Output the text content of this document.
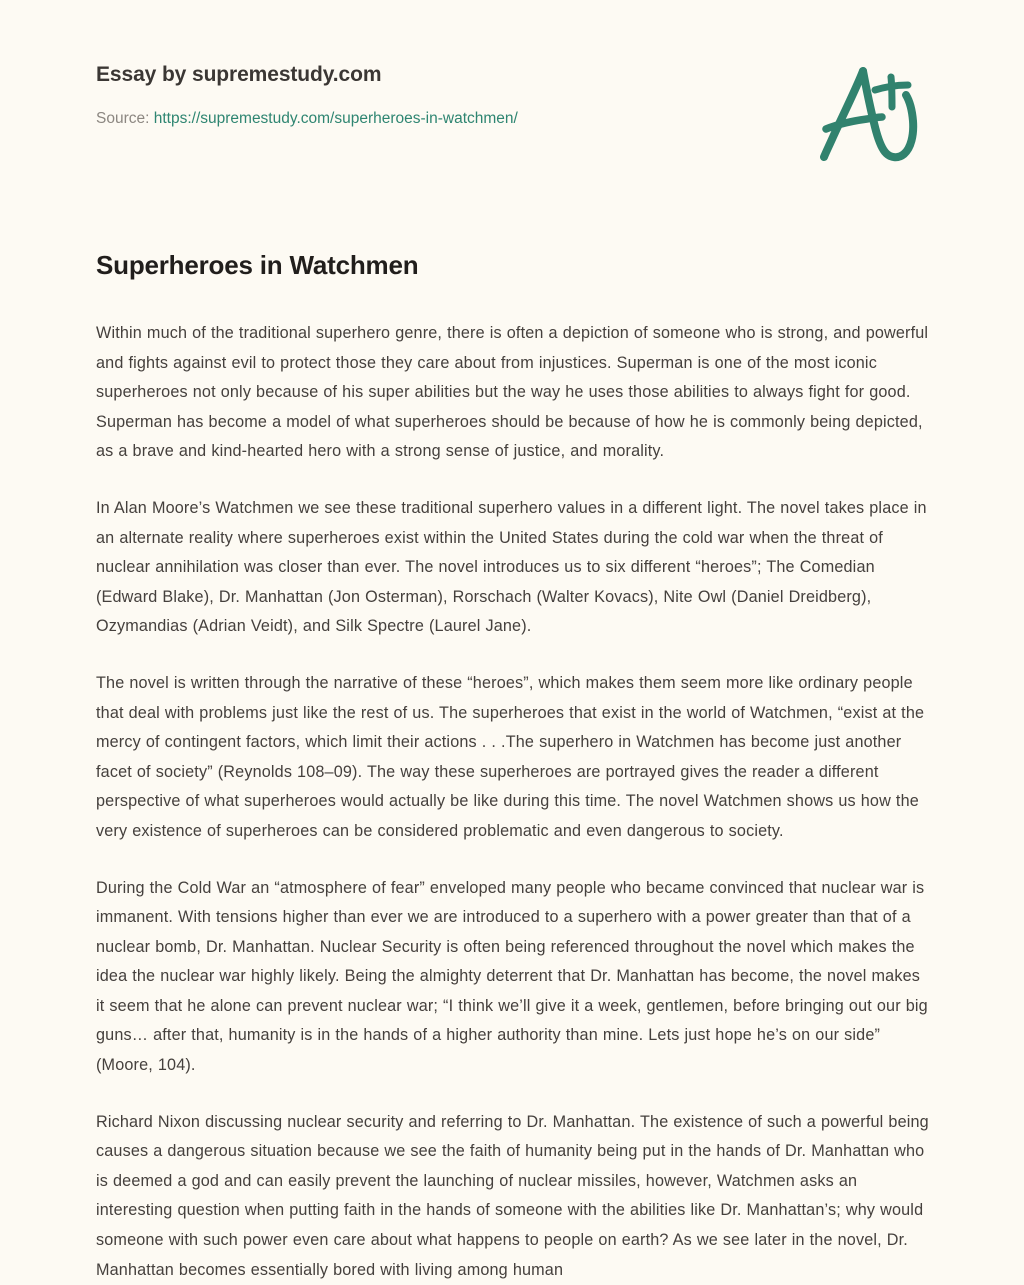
Essay by supremestudy.com
Source: https://supremestudy.com/superheroes-in-watchmen/
Superheroes in Watchmen

Within much of the traditional superhero genre, there is often a depiction of someone who is strong, and powerful and fights against evil to protect those they care about from injustices. Superman is one of the most iconic superheroes not only because of his super abilities but the way he uses those abilities to always fight for good. Superman has become a model of what superheroes should be because of how he is commonly being depicted, as a brave and kind-hearted hero with a strong sense of justice, and morality.

In Alan Moore’s Watchmen we see these traditional superhero values in a different light. The novel takes place in an alternate reality where superheroes exist within the United States during the cold war when the threat of nuclear annihilation was closer than ever. The novel introduces us to six different “heroes”; The Comedian (Edward Blake), Dr. Manhattan (Jon Osterman), Rorschach (Walter Kovacs), Nite Owl (Daniel Dreidberg), Ozymandias (Adrian Veidt), and Silk Spectre (Laurel Jane).

The novel is written through the narrative of these “heroes”, which makes them seem more like ordinary people that deal with problems just like the rest of us. The superheroes that exist in the world of Watchmen, “exist at the mercy of contingent factors, which limit their actions . . .The superhero in Watchmen has become just another facet of society” (Reynolds 108–09). The way these superheroes are portrayed gives the reader a different perspective of what superheroes would actually be like during this time. The novel Watchmen shows us how the very existence of superheroes can be considered problematic and even dangerous to society.

During the Cold War an “atmosphere of fear” enveloped many people who became convinced that nuclear war is immanent. With tensions higher than ever we are introduced to a superhero with a power greater than that of a nuclear bomb, Dr. Manhattan. Nuclear Security is often being referenced throughout the novel which makes the idea the nuclear war highly likely. Being the almighty deterrent that Dr. Manhattan has become, the novel makes it seem that he alone can prevent nuclear war; “I think we’ll give it a week, gentlemen, before bringing out our big guns… after that, humanity is in the hands of a higher authority than mine. Lets just hope he’s on our side” (Moore, 104).

Richard Nixon discussing nuclear security and referring to Dr. Manhattan. The existence of such a powerful being causes a dangerous situation because we see the faith of humanity being put in the hands of Dr. Manhattan who is deemed a god and can easily prevent the launching of nuclear missiles, however, Watchmen asks an interesting question when putting faith in the hands of someone with the abilities like Dr. Manhattan’s; why would someone with such power even care about what happens to people on earth? As we see later in the novel, Dr. Manhattan becomes essentially bored with living among human
